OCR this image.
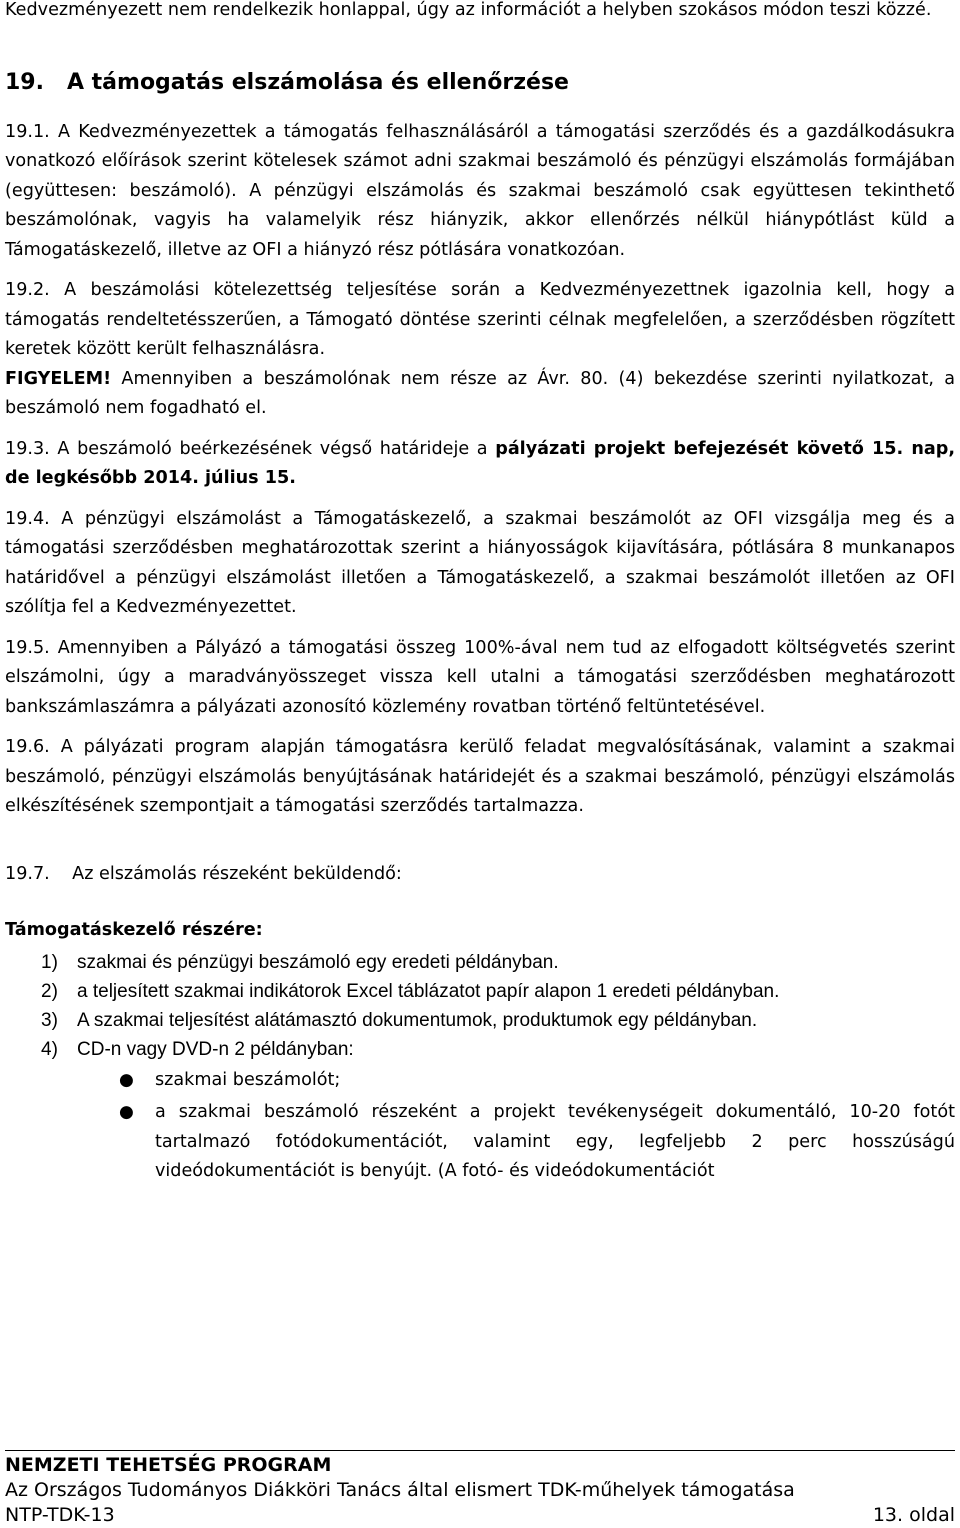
Kedvezményezett nem rendelkezik honlappal, úgy az információt a helyben szokásos módon teszi közzé.

19. A támogatás elszámolása és ellenőrzése

19.1. A Kedvezményezettek a támogatás felhasználásáról a támogatási szerződés és a gazdálkodásukra vonatkozó előírások szerint kötelesek számot adni szakmai beszámoló és pénzügyi elszámolás formájában (együttesen: beszámoló). A pénzügyi elszámolás és szakmai beszámoló csak együttesen tekinthető beszámolónak, vagyis ha valamelyik rész hiányzik, akkor ellenőrzés nélkül hiánypótlást küld a Támogatáskezelő, illetve az OFI a hiányzó rész pótlására vonatkozóan.

19.2. A beszámolási kötelezettség teljesítése során a Kedvezményezettnek igazolnia kell, hogy a támogatás rendeltetésszerűen, a Támogató döntése szerinti célnak megfelelően, a szerződésben rögzített keretek között került felhasználásra.
FIGYELEM! Amennyiben a beszámolónak nem része az Ávr. 80. (4) bekezdése szerinti nyilatkozat, a beszámoló nem fogadható el.

19.3. A beszámoló beérkezésének végső határideje a pályázati projekt befejezését követő 15. nap, de legkésőbb 2014. július 15.

19.4. A pénzügyi elszámolást a Támogatáskezelő, a szakmai beszámolót az OFI vizsgálja meg és a támogatási szerződésben meghatározottak szerint a hiányosságok kijavítására, pótlására 8 munkanapos határidővel a pénzügyi elszámolást illetően a Támogatáskezelő, a szakmai beszámolót illetően az OFI szólítja fel a Kedvezményezettet.

19.5. Amennyiben a Pályázó a támogatási összeg 100%-ával nem tud az elfogadott költségvetés szerint elszámolni, úgy a maradványösszeget vissza kell utalni a támogatási szerződésben meghatározott bankszámlaszámra a pályázati azonosító közlemény rovatban történő feltüntetésével.

19.6. A pályázati program alapján támogatásra kerülő feladat megvalósításának, valamint a szakmai beszámoló, pénzügyi elszámolás benyújtásának határidejét és a szakmai beszámoló, pénzügyi elszámolás elkészítésének szempontjait a támogatási szerződés tartalmazza.

19.7. Az elszámolás részeként beküldendő:

Támogatáskezelő részére:

1) szakmai és pénzügyi beszámoló egy eredeti példányban.
2) a teljesített szakmai indikátorok Excel táblázatot papír alapon 1 eredeti példányban.
3) A szakmai teljesítést alátámasztó dokumentumok, produktumok egy példányban.
4) CD-n vagy DVD-n 2 példányban:
● szakmai beszámolót;
● a szakmai beszámoló részeként a projekt tevékenységeit dokumentáló, 10-20 fotót tartalmazó fotódokumentációt, valamint egy, legfeljebb 2 perc hosszúságú videódokumentációt is benyújt. (A fotó- és videódokumentációt
NEMZETI TEHETSÉG PROGRAM
Az Országos Tudományos Diákköri Tanács által elismert TDK-műhelyek támogatása
NTP-TDK-13	13. oldal
